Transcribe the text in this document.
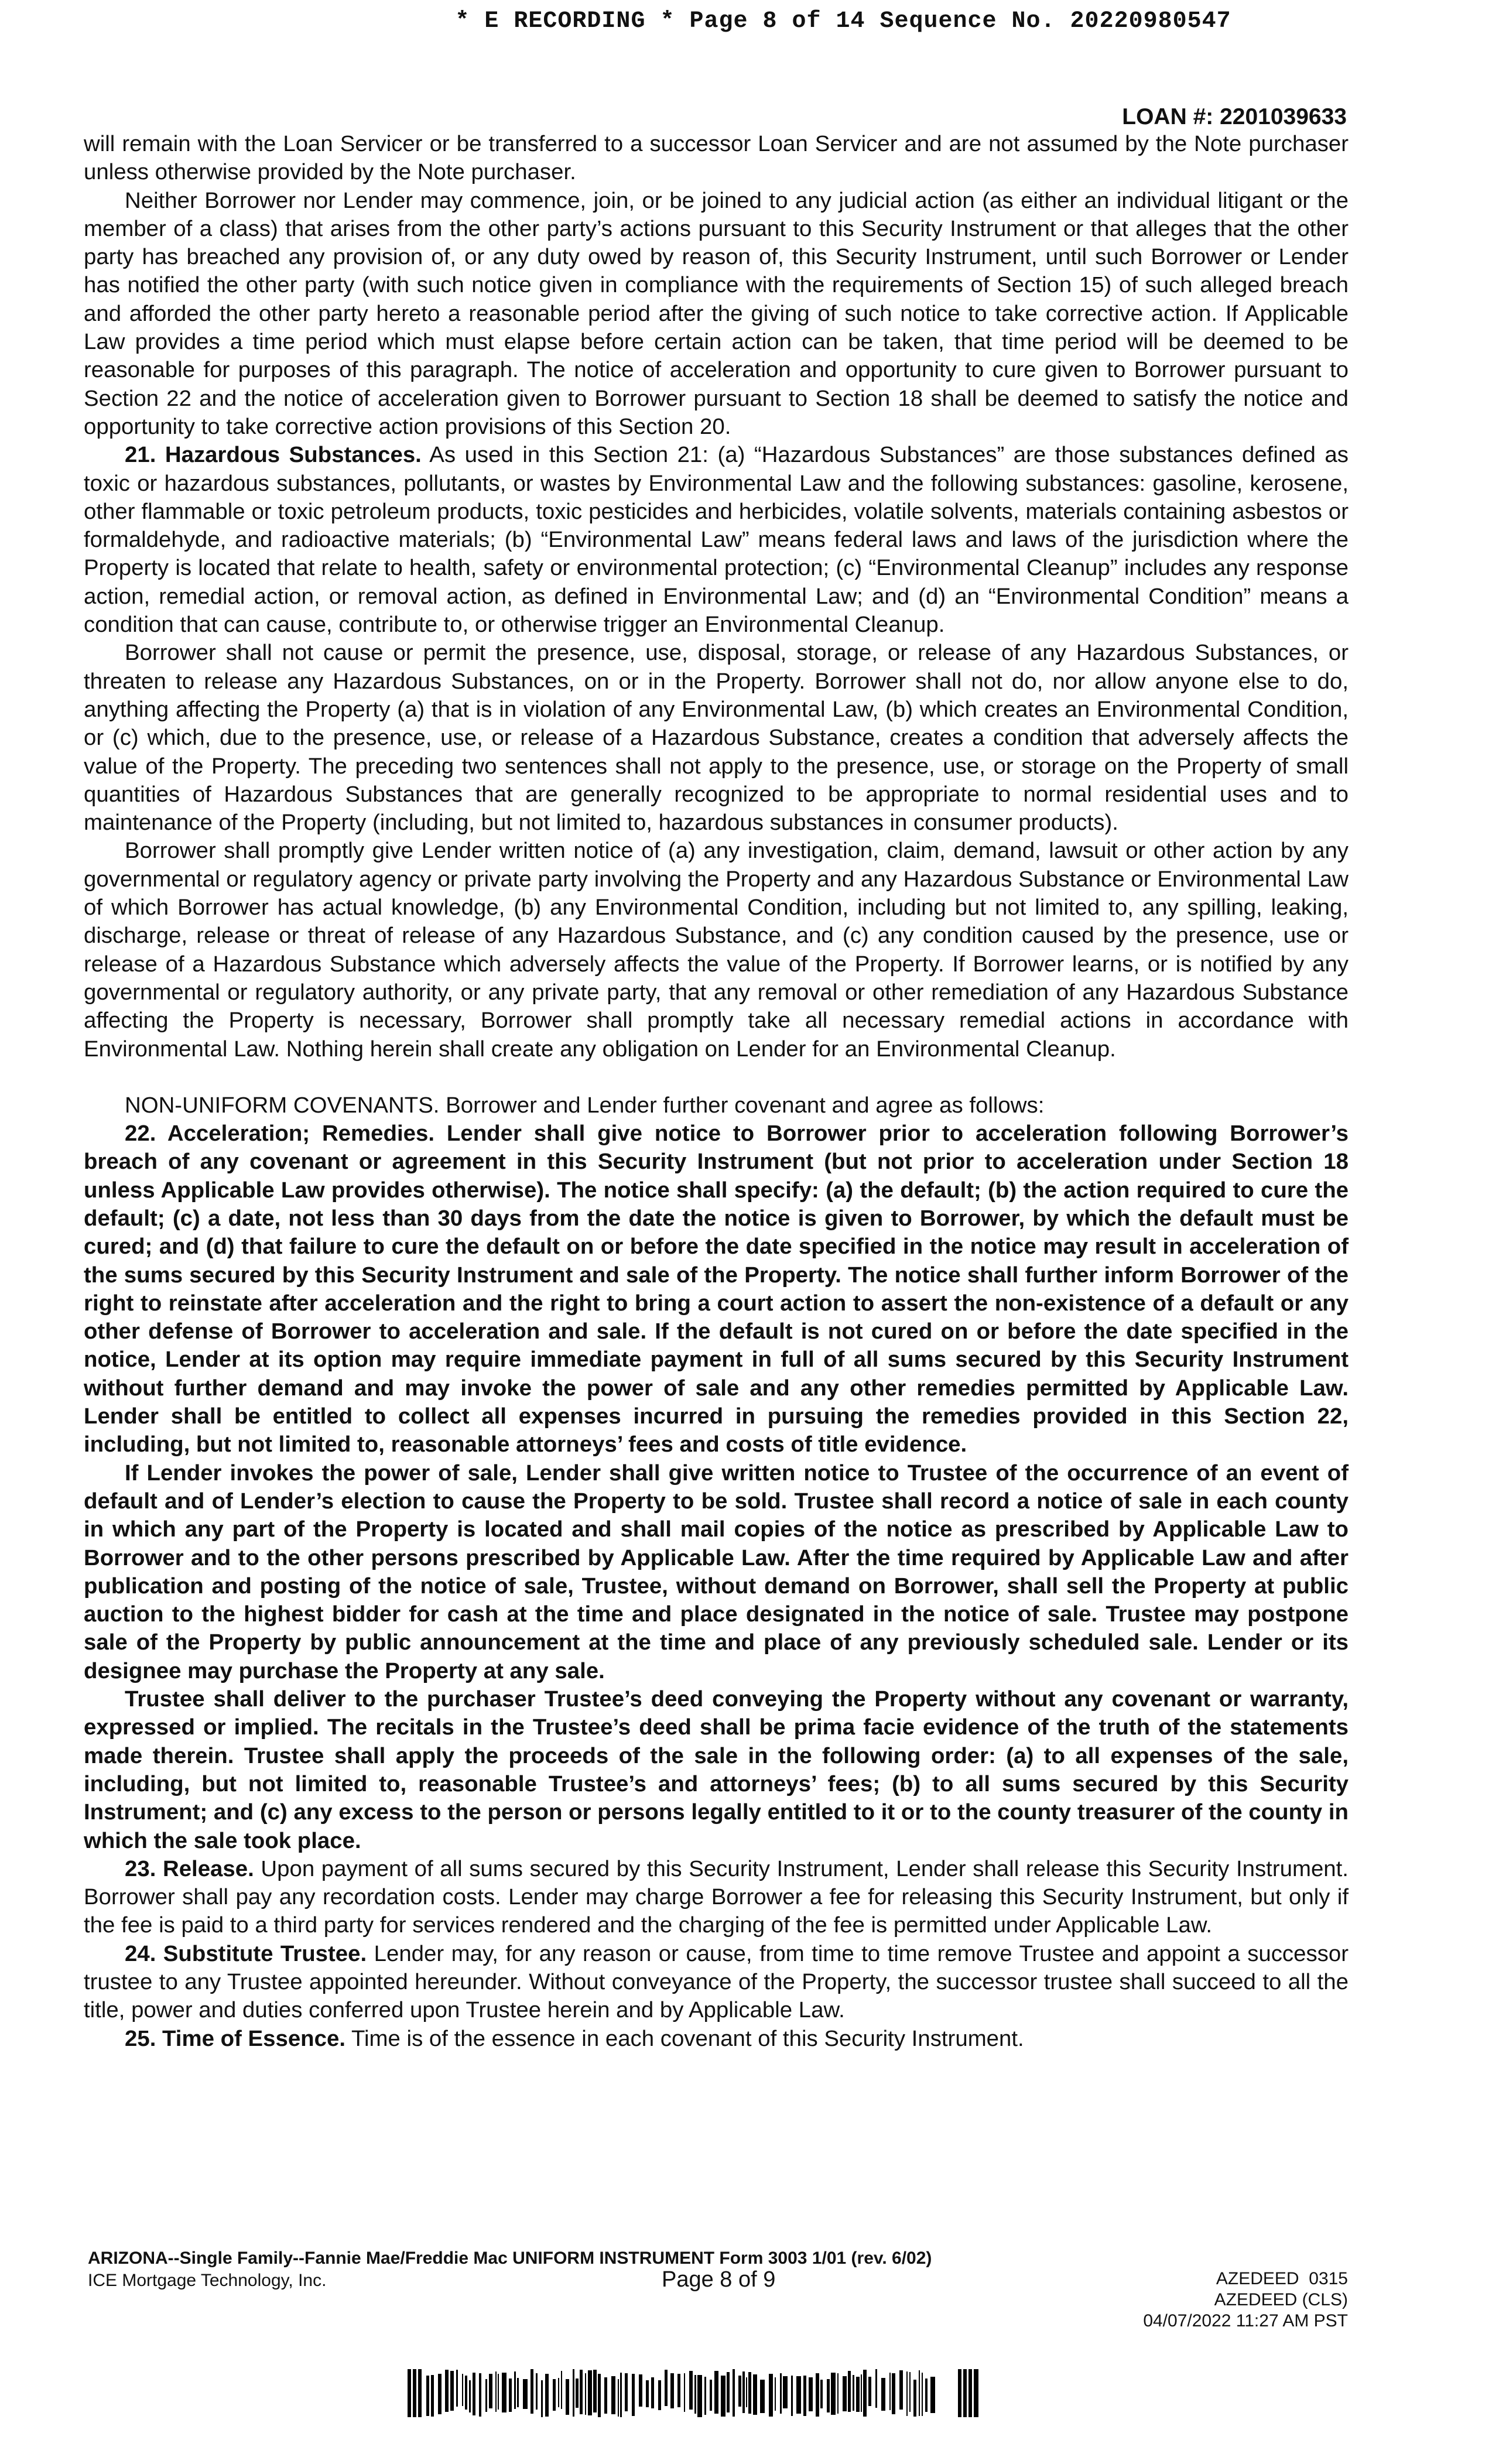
* E RECORDING * Page 8 of 14 Sequence No. 20220980547
LOAN #: 2201039633

will remain with the Loan Servicer or be transferred to a successor Loan Servicer and are not assumed by the Note purchaser unless otherwise provided by the Note purchaser.

Neither Borrower nor Lender may commence, join, or be joined to any judicial action (as either an individual litigant or the member of a class) that arises from the other party’s actions pursuant to this Security Instrument or that alleges that the other party has breached any provision of, or any duty owed by reason of, this Security Instrument, until such Borrower or Lender has notified the other party (with such notice given in compliance with the requirements of Section 15) of such alleged breach and afforded the other party hereto a reasonable period after the giving of such notice to take corrective action. If Applicable Law provides a time period which must elapse before certain action can be taken, that time period will be deemed to be reasonable for purposes of this paragraph. The notice of acceleration and opportunity to cure given to Borrower pursuant to Section 22 and the notice of acceleration given to Borrower pursuant to Section 18 shall be deemed to satisfy the notice and opportunity to take corrective action provisions of this Section 20.

21. Hazardous Substances. As used in this Section 21: (a) “Hazardous Substances” are those substances defined as toxic or hazardous substances, pollutants, or wastes by Environmental Law and the following substances: gasoline, kerosene, other flammable or toxic petroleum products, toxic pesticides and herbicides, volatile solvents, materials containing asbestos or formaldehyde, and radioactive materials; (b) “Environmental Law” means federal laws and laws of the jurisdiction where the Property is located that relate to health, safety or environmental protection; (c) “Environmental Cleanup” includes any response action, remedial action, or removal action, as defined in Environmental Law; and (d) an “Environmental Condition” means a condition that can cause, contribute to, or otherwise trigger an Environmental Cleanup.

Borrower shall not cause or permit the presence, use, disposal, storage, or release of any Hazardous Substances, or threaten to release any Hazardous Substances, on or in the Property. Borrower shall not do, nor allow anyone else to do, anything affecting the Property (a) that is in violation of any Environmental Law, (b) which creates an Environmental Condition, or (c) which, due to the presence, use, or release of a Hazardous Substance, creates a condition that adversely affects the value of the Property. The preceding two sentences shall not apply to the presence, use, or storage on the Property of small quantities of Hazardous Substances that are generally recognized to be appropriate to normal residential uses and to maintenance of the Property (including, but not limited to, hazardous substances in consumer products).

Borrower shall promptly give Lender written notice of (a) any investigation, claim, demand, lawsuit or other action by any governmental or regulatory agency or private party involving the Property and any Hazardous Substance or Environmental Law of which Borrower has actual knowledge, (b) any Environmental Condition, including but not limited to, any spilling, leaking, discharge, release or threat of release of any Hazardous Substance, and (c) any condition caused by the presence, use or release of a Hazardous Substance which adversely affects the value of the Property. If Borrower learns, or is notified by any governmental or regulatory authority, or any private party, that any removal or other remediation of any Hazardous Substance affecting the Property is necessary, Borrower shall promptly take all necessary remedial actions in accordance with Environmental Law. Nothing herein shall create any obligation on Lender for an Environmental Cleanup.

NON-UNIFORM COVENANTS. Borrower and Lender further covenant and agree as follows:

22. Acceleration; Remedies. Lender shall give notice to Borrower prior to acceleration following Borrower’s breach of any covenant or agreement in this Security Instrument (but not prior to acceleration under Section 18 unless Applicable Law provides otherwise). The notice shall specify: (a) the default; (b) the action required to cure the default; (c) a date, not less than 30 days from the date the notice is given to Borrower, by which the default must be cured; and (d) that failure to cure the default on or before the date specified in the notice may result in acceleration of the sums secured by this Security Instrument and sale of the Property. The notice shall further inform Borrower of the right to reinstate after acceleration and the right to bring a court action to assert the non-existence of a default or any other defense of Borrower to acceleration and sale. If the default is not cured on or before the date specified in the notice, Lender at its option may require immediate payment in full of all sums secured by this Security Instrument without further demand and may invoke the power of sale and any other remedies permitted by Applicable Law. Lender shall be entitled to collect all expenses incurred in pursuing the remedies provided in this Section 22, including, but not limited to, reasonable attorneys’ fees and costs of title evidence.

If Lender invokes the power of sale, Lender shall give written notice to Trustee of the occurrence of an event of default and of Lender’s election to cause the Property to be sold. Trustee shall record a notice of sale in each county in which any part of the Property is located and shall mail copies of the notice as prescribed by Applicable Law to Borrower and to the other persons prescribed by Applicable Law. After the time required by Applicable Law and after publication and posting of the notice of sale, Trustee, without demand on Borrower, shall sell the Property at public auction to the highest bidder for cash at the time and place designated in the notice of sale. Trustee may postpone sale of the Property by public announcement at the time and place of any previously scheduled sale. Lender or its designee may purchase the Property at any sale.

Trustee shall deliver to the purchaser Trustee’s deed conveying the Property without any covenant or warranty, expressed or implied. The recitals in the Trustee’s deed shall be prima facie evidence of the truth of the statements made therein. Trustee shall apply the proceeds of the sale in the following order: (a) to all expenses of the sale, including, but not limited to, reasonable Trustee’s and attorneys’ fees; (b) to all sums secured by this Security Instrument; and (c) any excess to the person or persons legally entitled to it or to the county treasurer of the county in which the sale took place.

23. Release. Upon payment of all sums secured by this Security Instrument, Lender shall release this Security Instrument. Borrower shall pay any recordation costs. Lender may charge Borrower a fee for releasing this Security Instrument, but only if the fee is paid to a third party for services rendered and the charging of the fee is permitted under Applicable Law.

24. Substitute Trustee. Lender may, for any reason or cause, from time to time remove Trustee and appoint a successor trustee to any Trustee appointed hereunder. Without conveyance of the Property, the successor trustee shall succeed to all the title, power and duties conferred upon Trustee herein and by Applicable Law.

25. Time of Essence. Time is of the essence in each covenant of this Security Instrument.

ARIZONA--Single Family--Fannie Mae/Freddie Mac UNIFORM INSTRUMENT Form 3003 1/01 (rev. 6/02)
ICE Mortgage Technology, Inc.	Page 8 of 9	AZEDEED  0315
AZEDEED (CLS)
04/07/2022 11:27 AM PST
